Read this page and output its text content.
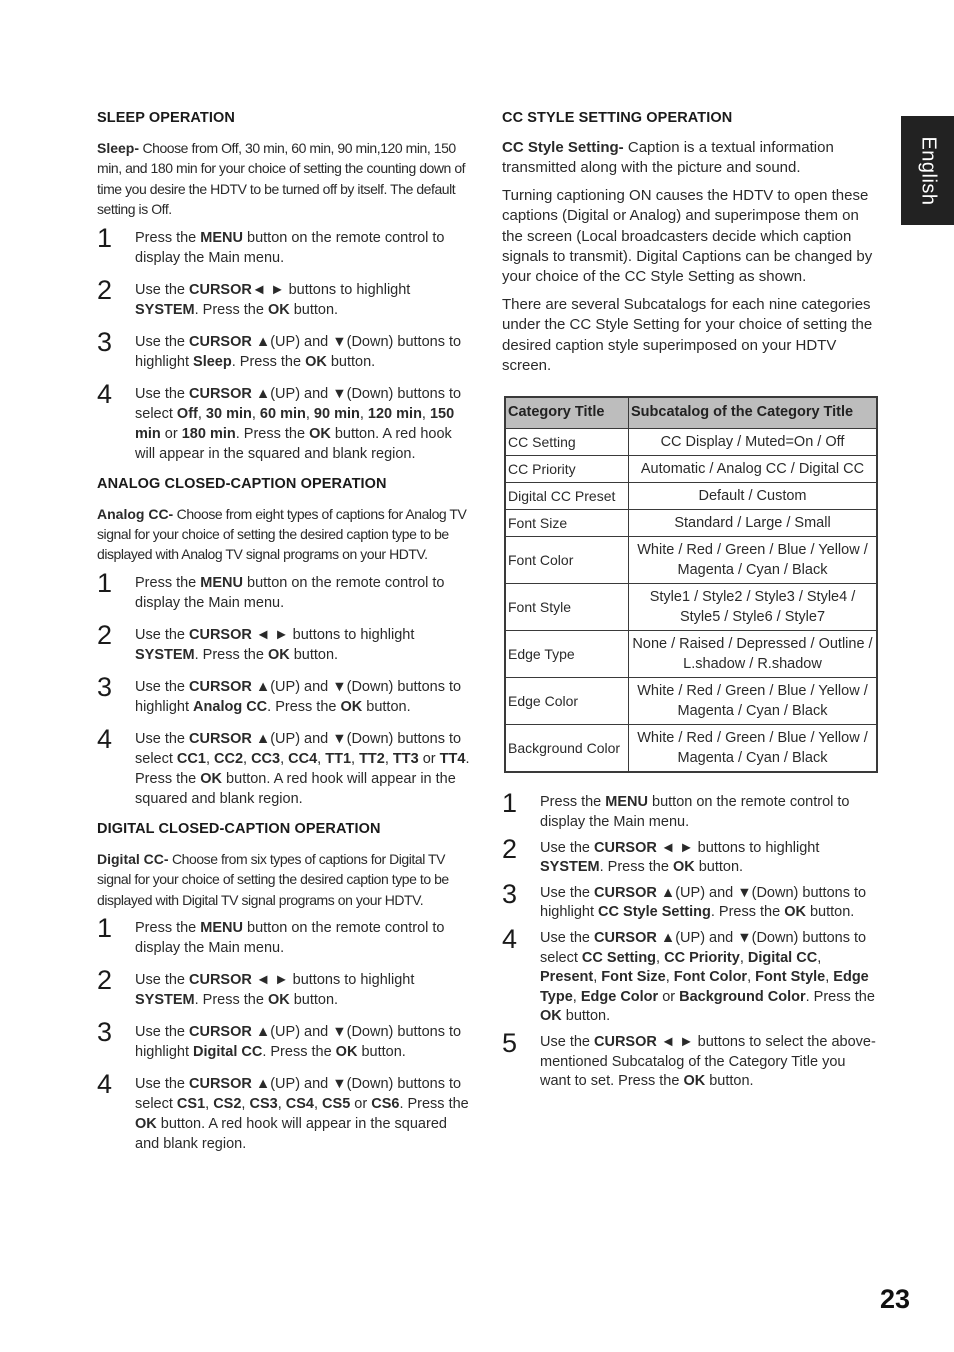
SLEEP OPERATION
Sleep- Choose from Off, 30 min, 60 min, 90 min,120 min, 150 min, and 180 min for your choice of setting the counting down of time you desire the HDTV to be turned off by itself. The default setting is Off.
1	Press the MENU button on the remote control to display the Main menu.
2	Use the CURSOR◄ ► buttons to highlight SYSTEM. Press the OK button.
3	Use the CURSOR ▲(UP) and ▼(Down) buttons to highlight Sleep. Press the OK button.
4	Use the CURSOR ▲(UP) and ▼(Down) buttons to select Off, 30 min, 60 min, 90 min, 120 min, 150 min or 180 min. Press the OK button. A red hook will appear in the squared and blank region.
ANALOG CLOSED-CAPTION OPERATION
Analog CC- Choose from eight types of captions for Analog TV signal for your choice of setting the desired caption type to be displayed with Analog TV signal programs on your HDTV.
1	Press the MENU button on the remote control to display the Main menu.
2	Use the CURSOR ◄ ► buttons to highlight SYSTEM. Press the OK button.
3	Use the CURSOR ▲(UP) and ▼(Down) buttons to highlight Analog CC. Press the OK button.
4	Use the CURSOR ▲(UP) and ▼(Down) buttons to select CC1, CC2, CC3, CC4, TT1, TT2, TT3 or TT4. Press the OK button. A red hook will appear in the squared and blank region.
DIGITAL CLOSED-CAPTION OPERATION
Digital CC- Choose from six types of captions for Digital TV signal for your choice of setting the desired caption type to be displayed with Digital TV signal programs on your HDTV.
1	Press the MENU button on the remote control to display the Main menu.
2	Use the CURSOR ◄ ► buttons to highlight SYSTEM. Press the OK button.
3	Use the CURSOR ▲(UP) and ▼(Down) buttons to highlight Digital CC. Press the OK button.
4	Use the CURSOR ▲(UP) and ▼(Down) buttons to select CS1, CS2, CS3, CS4, CS5 or CS6. Press the OK button. A red hook will appear in the squared and blank region.
CC STYLE SETTING OPERATION
CC Style Setting- Caption is a textual information transmitted along with the picture and sound.
Turning captioning ON causes the HDTV to open these captions (Digital or Analog) and superimpose them on the screen (Local broadcasters decide which caption signals to transmit). Digital Captions can be changed by your choice of the CC Style Setting as shown.
There are several Subcatalogs for each nine categories under the CC Style Setting for your choice of setting the desired caption style superimposed on your HDTV screen.
Category Title	Subcatalog of the Category Title
CC Setting	CC Display / Muted=On / Off
CC Priority	Automatic / Analog CC / Digital CC
Digital CC Preset	Default / Custom
Font Size	Standard / Large / Small
Font Color	White / Red / Green / Blue / Yellow / Magenta / Cyan / Black
Font Style	Style1 / Style2 / Style3 / Style4 / Style5 / Style6 / Style7
Edge Type	None / Raised / Depressed / Outline / L.shadow / R.shadow
Edge Color	White / Red / Green / Blue / Yellow / Magenta / Cyan / Black
Background Color	White / Red / Green / Blue / Yellow / Magenta / Cyan / Black
1	Press the MENU button on the remote control to display the Main menu.
2	Use the CURSOR ◄ ► buttons to highlight SYSTEM. Press the OK button.
3	Use the CURSOR ▲(UP) and ▼(Down) buttons to highlight CC Style Setting. Press the OK button.
4	Use the CURSOR ▲(UP) and ▼(Down) buttons to select CC Setting, CC Priority, Digital CC, Present, Font Size, Font Color, Font Style, Edge Type, Edge Color or Background Color. Press the OK button.
5	Use the CURSOR ◄ ► buttons to select the above-mentioned Subcatalog of the Category Title you want to set. Press the OK button.
English
23
